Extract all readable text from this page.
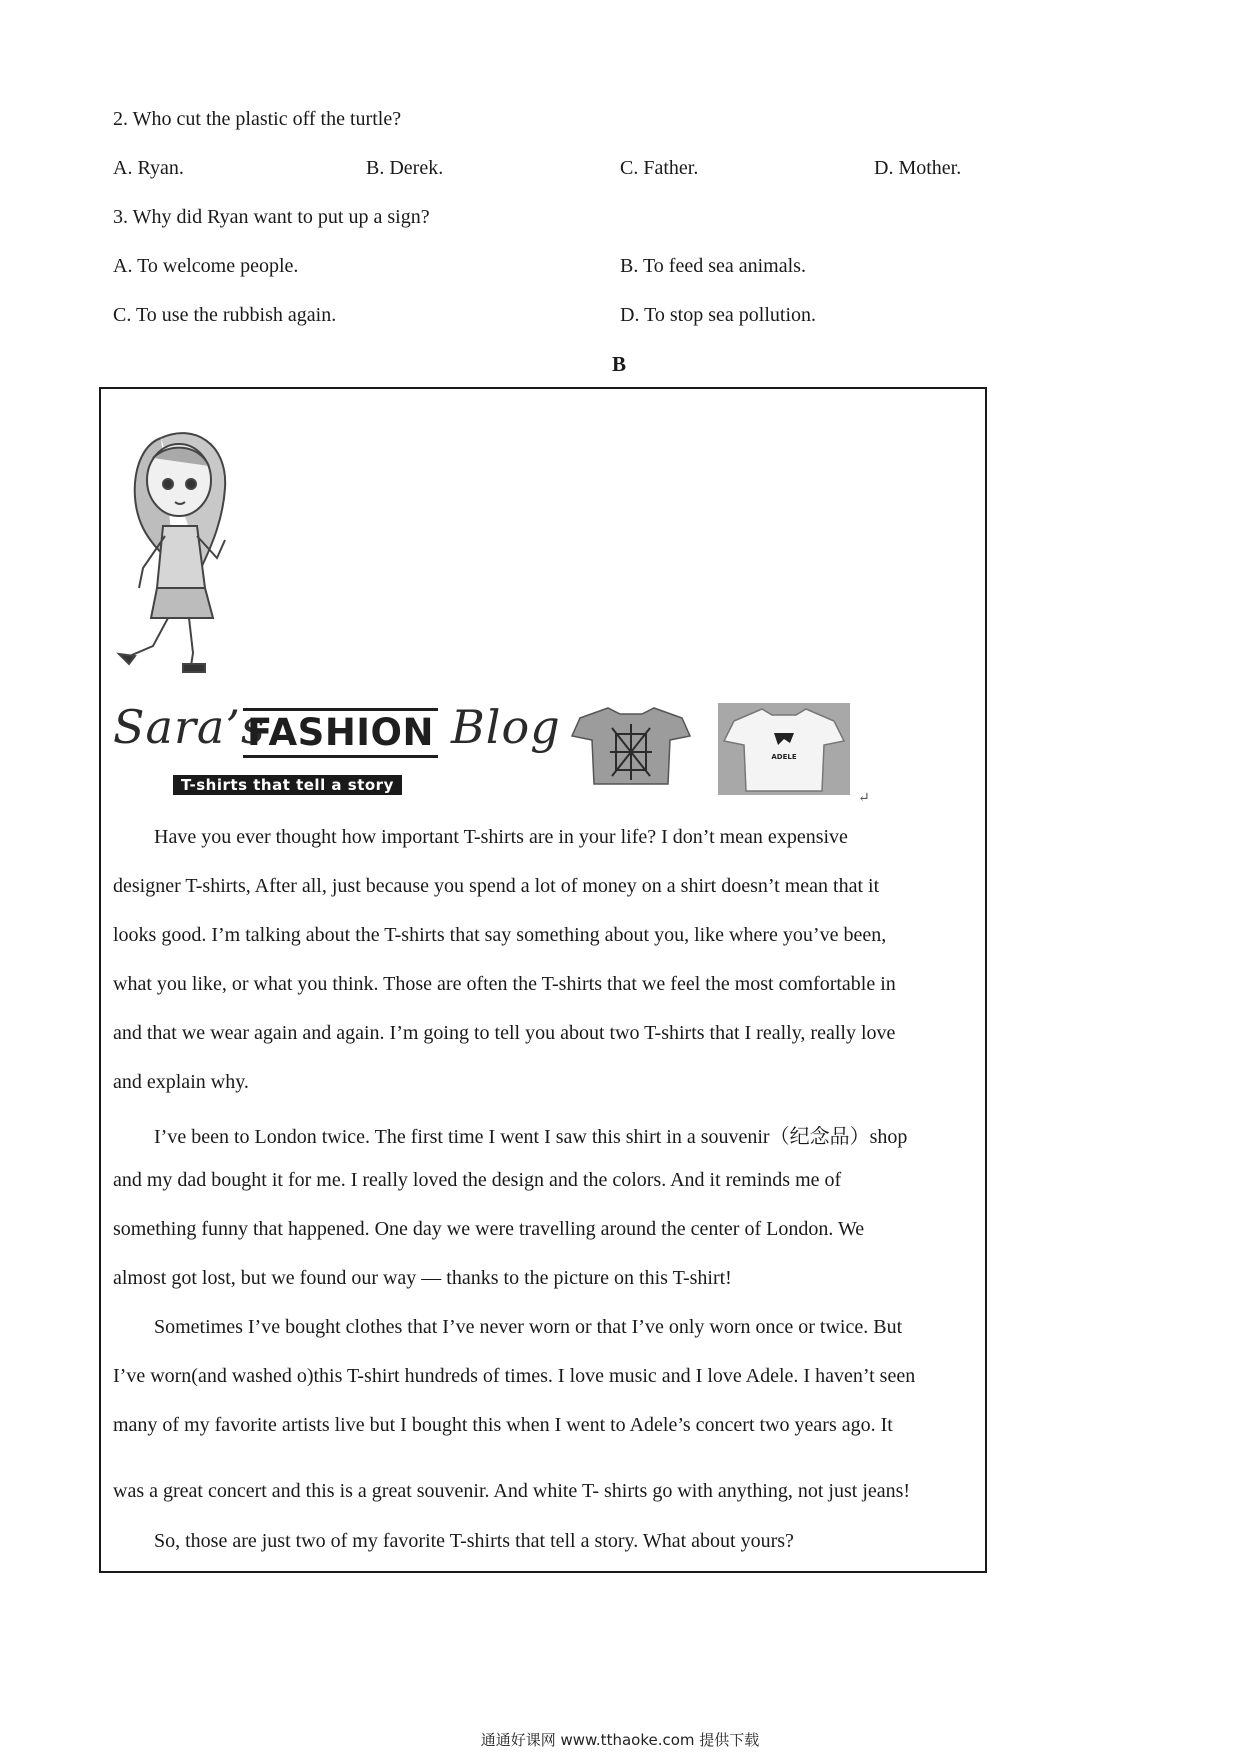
2. Who cut the plastic off the turtle?
A. Ryan.	B. Derek.	C. Father.	D. Mother.
3. Why did Ryan want to put up a sign?
A. To welcome people.	B. To feed sea animals.
C. To use the rubbish again.	D. To stop sea pollution.
B
Sara’s
FASHION Blog
T-shirts that tell a story
ADELE
↵
Have you ever thought how important T-shirts are in your life? I don’t mean expensive
designer T-shirts, After all, just because you spend a lot of money on a shirt doesn’t mean that it
looks good. I’m talking about the T-shirts that say something about you, like where you’ve been,
what you like, or what you think. Those are often the T-shirts that we feel the most comfortable in
and that we wear again and again. I’m going to tell you about two T-shirts that I really, really love
and explain why.
I’ve been to London twice. The first time I went I saw this shirt in a souvenir（纪念品）shop
and my dad bought it for me. I really loved the design and the colors. And it reminds me of
something funny that happened. One day we were travelling around the center of London. We
almost got lost, but we found our way — thanks to the picture on this T-shirt!
Sometimes I’ve bought clothes that I’ve never worn or that I’ve only worn once or twice. But
I’ve worn(and washed o)this T-shirt hundreds of times. I love music and I love Adele. I haven’t seen
many of my favorite artists live but I bought this when I went to Adele’s concert two years ago. It
was a great concert and this is a great souvenir. And white T- shirts go with anything, not just jeans!
So, those are just two of my favorite T-shirts that tell a story. What about yours?
通通好课网 www.tthaoke.com 提供下载
